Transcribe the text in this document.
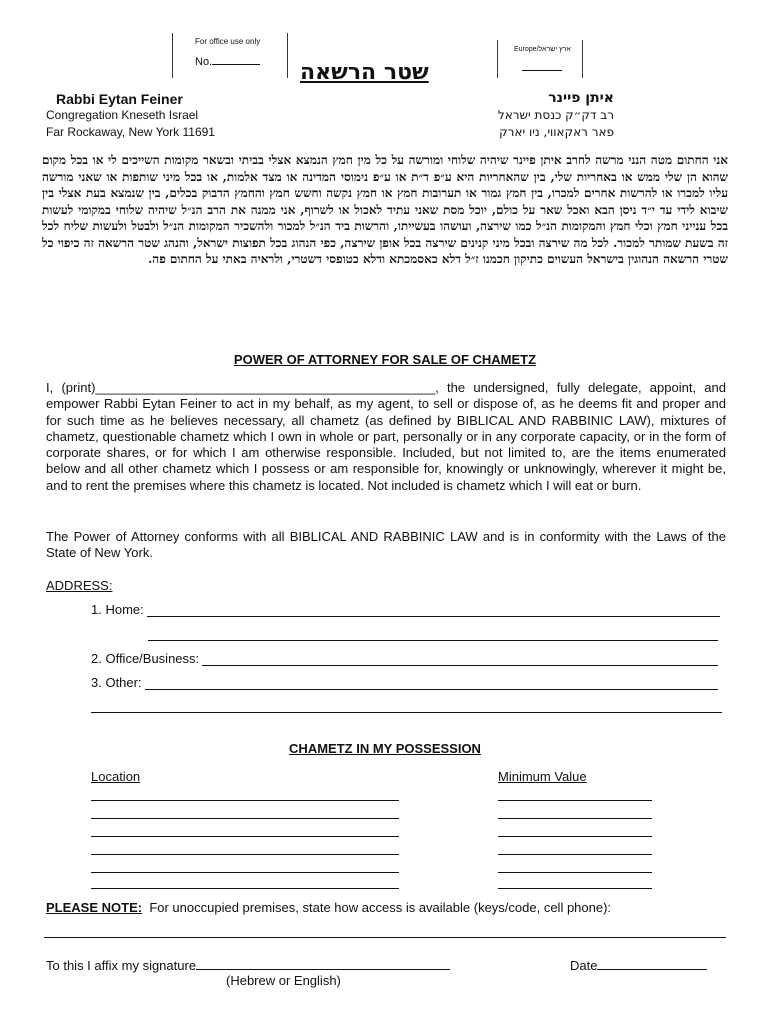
For office use only
No.
Europe/ארץ ישראל
שטר הרשאה
Rabbi Eytan Feiner
Congregation Kneseth Israel
Far Rockaway, New York 11691
איתן פיינר
רב דק״ק כנסת ישראל
פאר ראקאווי, ניו יארק
אני החתום מטה הנני מרשה לחרב איתן פיינר שיהיה שלוחי ומורשה על כל מין חמץ הנמצא אצלי בביתי ובשאר מקומות השייכים לי או בכל מקום שהוא הן שלי ממש או באחריות שלי, בין שהאחריות היא ע״פ ד״ת או ע״פ נימוסי המדינה או מצד אלמות, או בכל מיני שותפות או שאני מורשה עליו למכרו או להרשות אחרים למכרו, בין חמץ גמור או תערובות חמץ או חמץ נקשה וחשש חמץ והחמץ הדבוק בכלים, בין שנמצא בעת אצלי בין שיבוא לידי עד י״ד ניסן הבא ואכל שאר על כולם, יוכל מסת שאני עתיד לאכול או לשרוף, אני ממנה את הרב הנ״ל שיהיה שלוחי במקומי לעשות בכל ענייני חמץ וכלי חמץ והמקומות הנ״ל כמו שירצה, ועושהו בעשייתו, והרשות ביד הנ״ל למכור ולהשכיר המקומות הנ״ל ולבטל ולעשות שליח לכל זה בשעת שמותר למכור. לכל מה שירצה ובכל מיני קנינים שירצה בכל אופן שירצה, כפי הנהוג בכל תפוצות ישראל, והנהג שטר הרשאה זה כיפוי כל שטרי הרשאה הנהוגין בישראל העשוים כתיקון חכמנו ז״ל דלא כאסמכתא ודלא כטופסי דשטרי, ולראיה באתי על החתום פה.
POWER OF ATTORNEY FOR SALE OF CHAMETZ
I, (print)_______________________________________________, the undersigned, fully delegate, appoint, and empower Rabbi Eytan Feiner to act in my behalf, as my agent, to sell or dispose of, as he deems fit and proper and for such time as he believes necessary, all chametz (as defined by BIBLICAL AND RABBINIC LAW), mixtures of chametz, questionable chametz which I own in whole or part, personally or in any corporate capacity, or in the form of corporate shares, or for which I am otherwise responsible. Included, but not limited to, are the items enumerated below and all other chametz which I possess or am responsible for, knowingly or unknowingly, wherever it might be, and to rent the premises where this chametz is located. Not included is chametz which I will eat or burn.
The Power of Attorney conforms with all BIBLICAL AND RABBINIC LAW and is in conformity with the Laws of the State of New York.
ADDRESS:
1. Home:
2. Office/Business:
3. Other:
CHAMETZ IN MY POSSESSION
Location	Minimum Value
PLEASE NOTE: For unoccupied premises, state how access is available (keys/code, cell phone):
To this I affix my signature	Date
(Hebrew or English)
